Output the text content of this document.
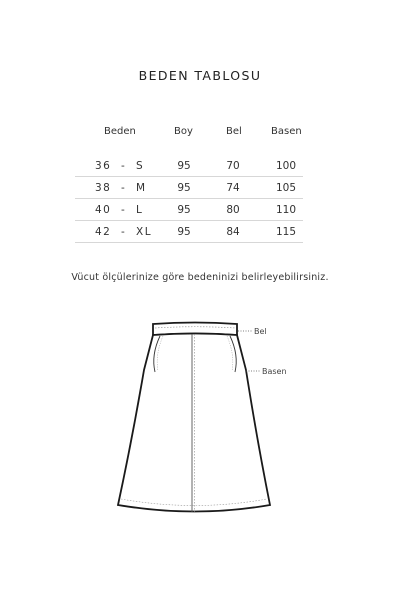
BEDEN TABLOSU
Beden	Boy	Bel	Basen
36  -  S	95	70	100
38  -  M	95	74	105
40  -  L	95	80	110
42  -  XL	95	84	115
Vücut ölçülerinize göre bedeninizi belirleyebilirsiniz.
Bel
Basen
